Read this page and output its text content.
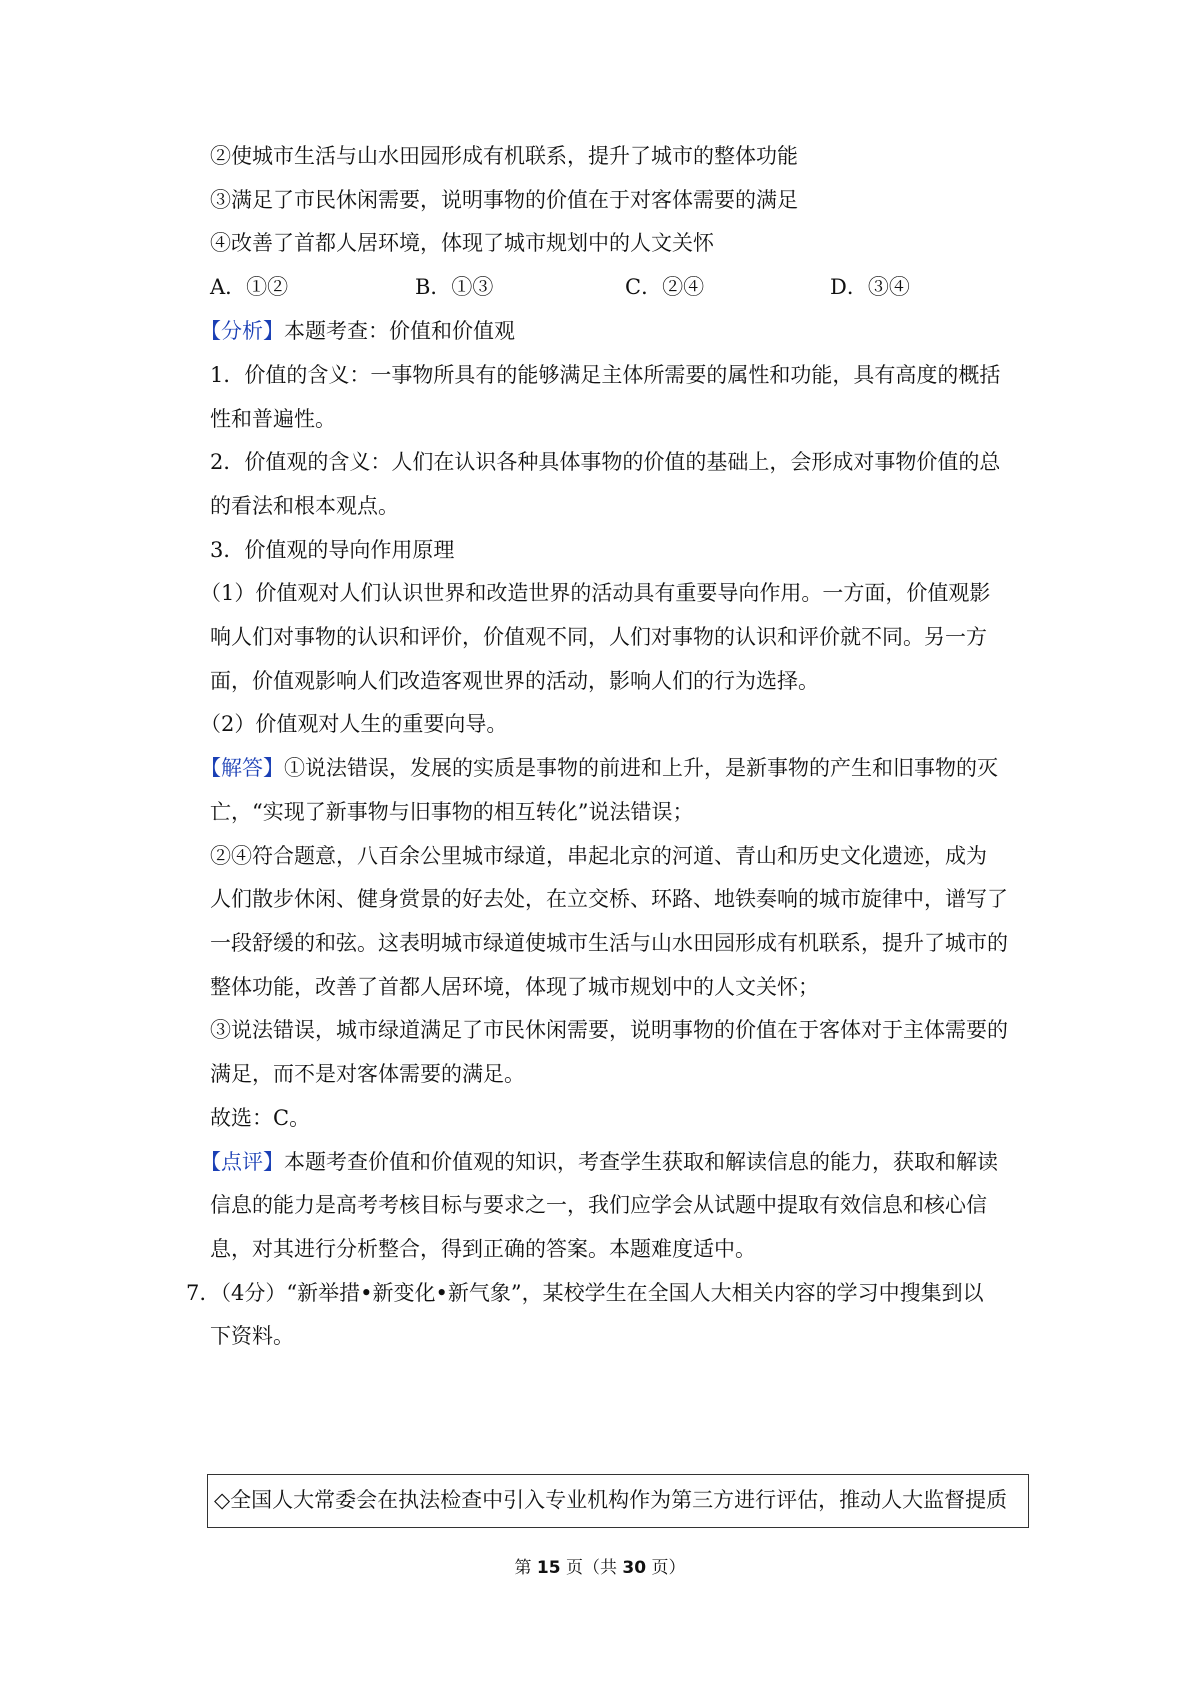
②使城市生活与山水田园形成有机联系，提升了城市的整体功能
③满足了市民休闲需要，说明事物的价值在于对客体需要的满足
④改善了首都人居环境，体现了城市规划中的人文关怀
A．①②	B．①③	C．②④	D．③④
【分析】本题考查：价值和价值观
1．价值的含义：一事物所具有的能够满足主体所需要的属性和功能，具有高度的概括
性和普遍性。
2．价值观的含义：人们在认识各种具体事物的价值的基础上，会形成对事物价值的总
的看法和根本观点。
3．价值观的导向作用原理
（1）价值观对人们认识世界和改造世界的活动具有重要导向作用。一方面，价值观影
响人们对事物的认识和评价，价值观不同，人们对事物的认识和评价就不同。另一方
面，价值观影响人们改造客观世界的活动，影响人们的行为选择。
（2）价值观对人生的重要向导。
【解答】①说法错误，发展的实质是事物的前进和上升，是新事物的产生和旧事物的灭
亡，“实现了新事物与旧事物的相互转化”说法错误；
②④符合题意，八百余公里城市绿道，串起北京的河道、青山和历史文化遗迹，成为
人们散步休闲、健身赏景的好去处，在立交桥、环路、地铁奏响的城市旋律中，谱写了
一段舒缓的和弦。这表明城市绿道使城市生活与山水田园形成有机联系，提升了城市的
整体功能，改善了首都人居环境，体现了城市规划中的人文关怀；
③说法错误，城市绿道满足了市民休闲需要，说明事物的价值在于客体对于主体需要的
满足，而不是对客体需要的满足。
故选：C。
【点评】本题考查价值和价值观的知识，考查学生获取和解读信息的能力，获取和解读
信息的能力是高考考核目标与要求之一，我们应学会从试题中提取有效信息和核心信
息，对其进行分析整合，得到正确的答案。本题难度适中。
7. （4分）“新举措•新变化•新气象”，某校学生在全国人大相关内容的学习中搜集到以
下资料。
◇全国人大常委会在执法检查中引入专业机构作为第三方进行评估，推动人大监督提质
第 15 页（共 30 页）
